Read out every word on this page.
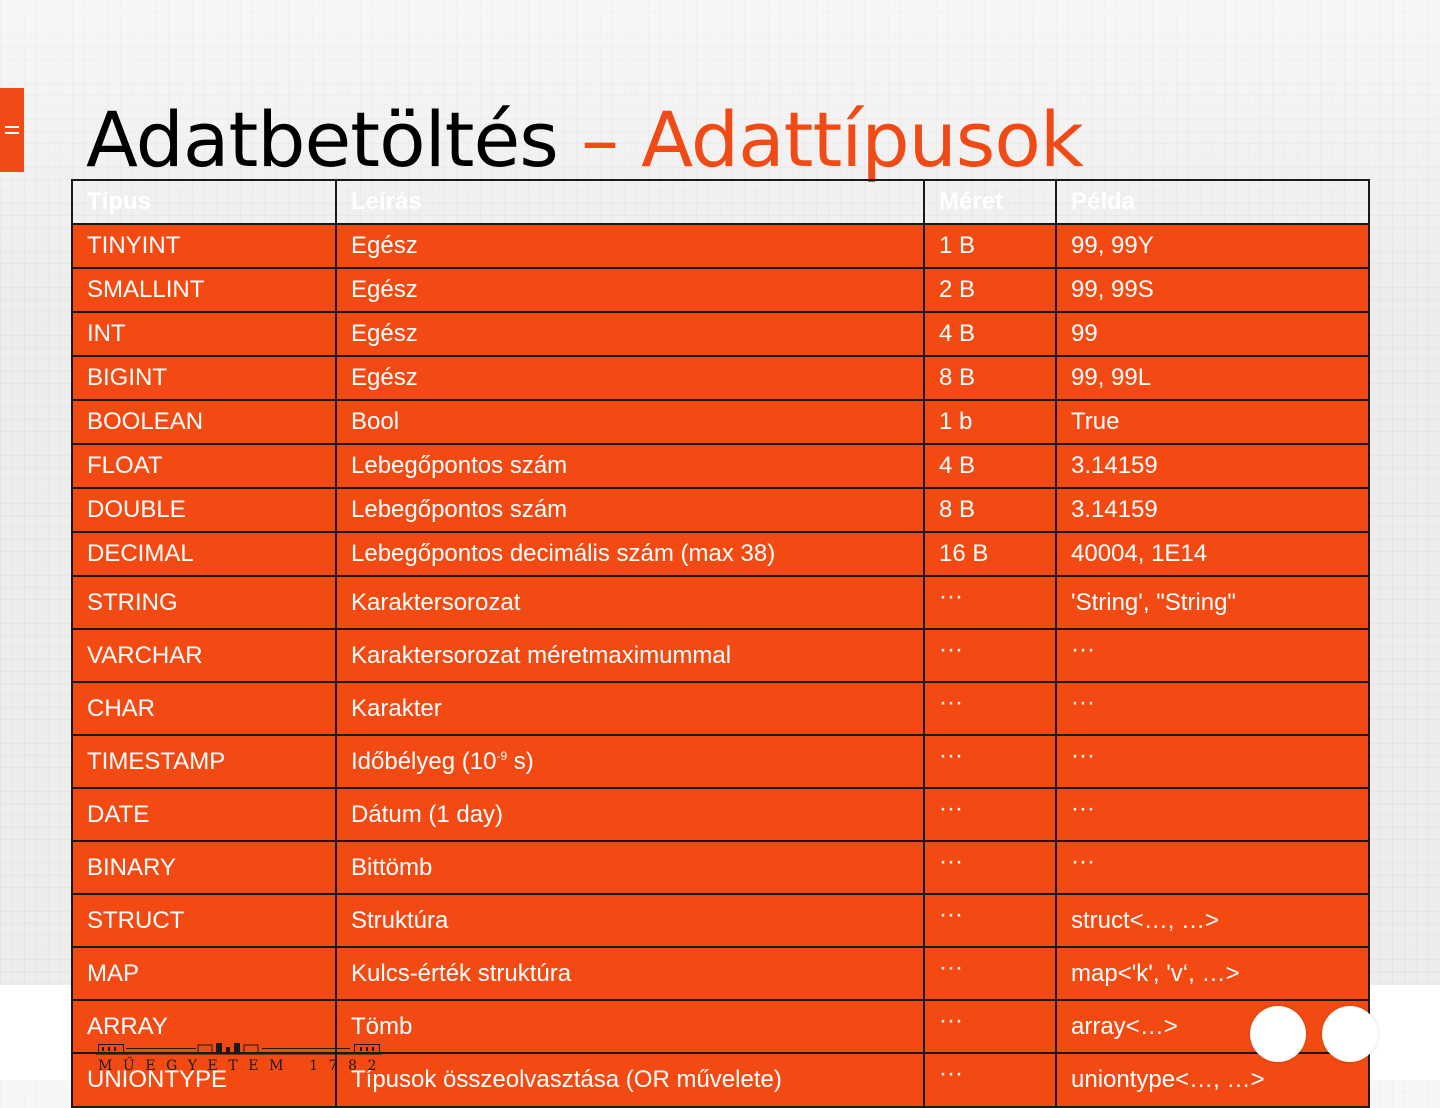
Adatbetöltés – Adattípusok
Típus	Leírás	Méret	Példa
TINYINT	Egész	1 B	99, 99Y
SMALLINT	Egész	2 B	99, 99S
INT	Egész	4 B	99
BIGINT	Egész	8 B	99, 99L
BOOLEAN	Bool	1 b	True
FLOAT	Lebegőpontos szám	4 B	3.14159
DOUBLE	Lebegőpontos szám	8 B	3.14159
DECIMAL	Lebegőpontos decimális szám (max 38)	16 B	40004, 1E14
STRING	Karaktersorozat	···	'String', "String"
VARCHAR	Karaktersorozat méretmaximummal	···	···
CHAR	Karakter	···	···
TIMESTAMP	Időbélyeg ($10^{-9}$ s)	···	···
DATE	Dátum (1 day)	···	···
BINARY	Bittömb	···	···
STRUCT	Struktúra	···	struct<…, …>
MAP	Kulcs-érték struktúra	···	map<'k', 'v‘, …>
ARRAY	Tömb	···	array<…>
UNIONTYPE	Típusok összeolvasztása (OR művelete)	···	uniontype<…, …>
MŰEGYETEM 1782
